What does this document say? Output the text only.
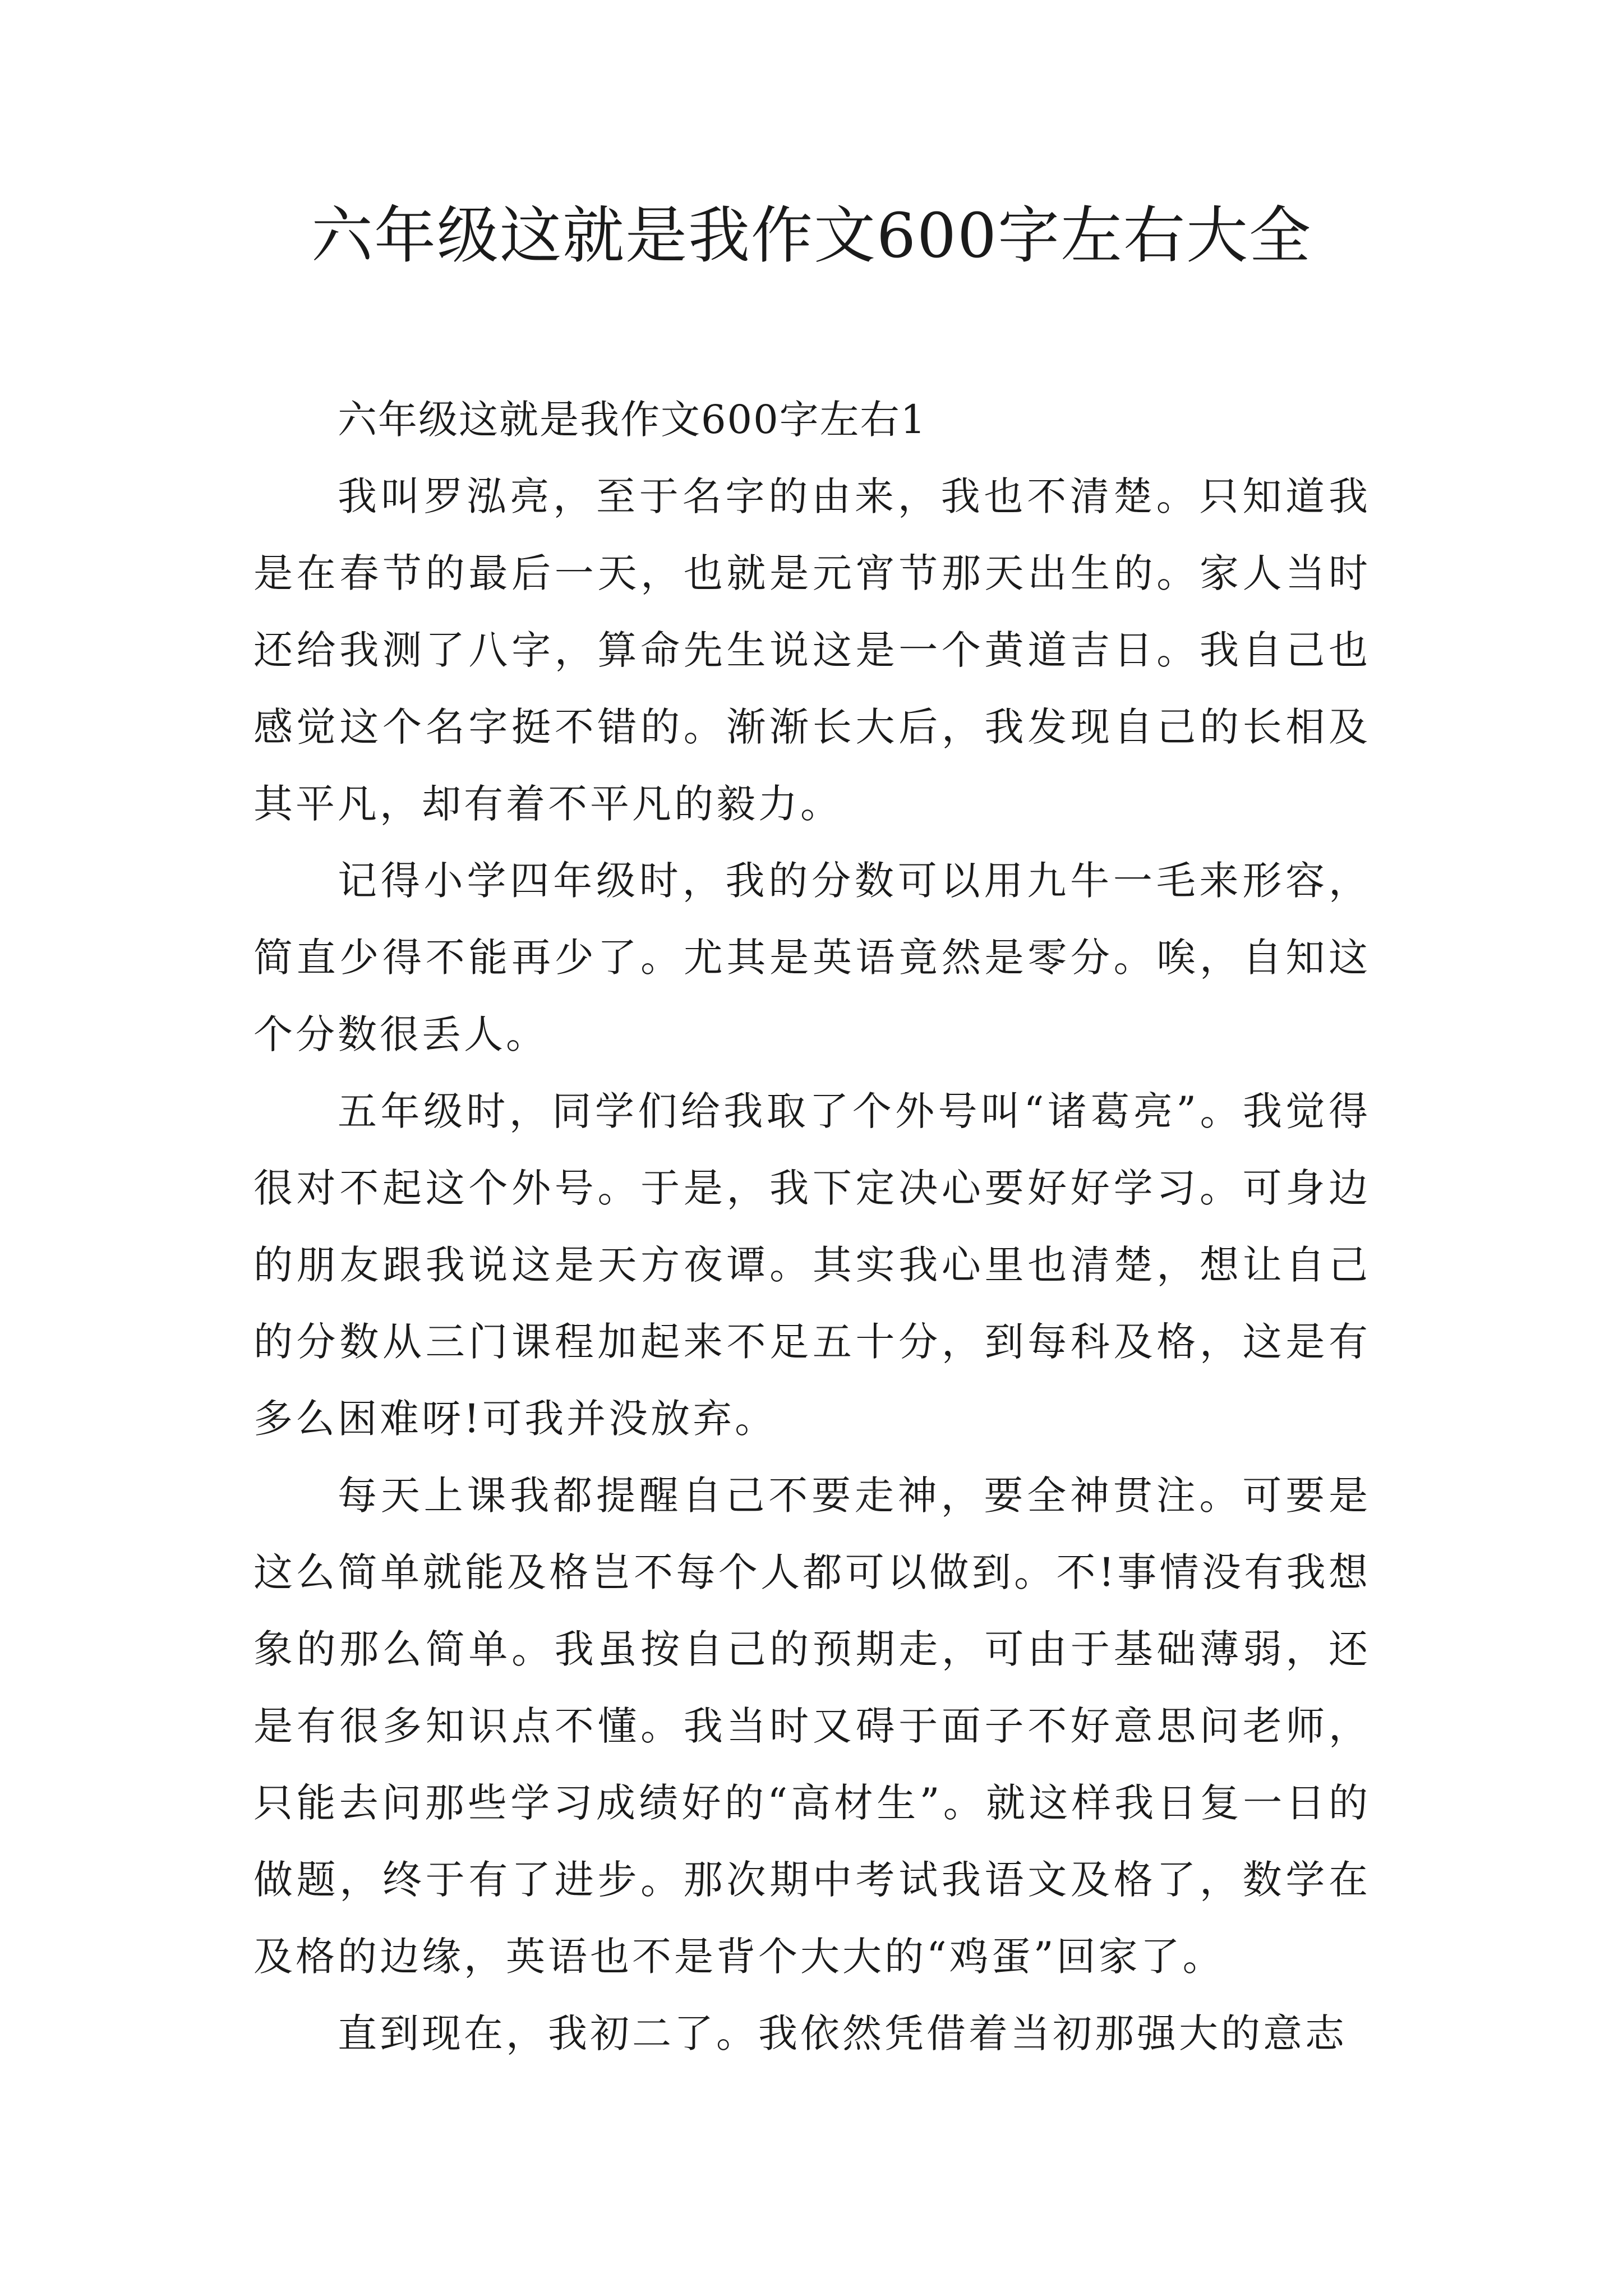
六年级这就是我作文600字左右大全

六年级这就是我作文600字左右1

我叫罗泓亮，至于名字的由来，我也不清楚。只知道我是在春节的最后一天，也就是元宵节那天出生的。家人当时还给我测了八字，算命先生说这是一个黄道吉日。我自己也感觉这个名字挺不错的。渐渐长大后，我发现自己的长相及其平凡，却有着不平凡的毅力。

记得小学四年级时，我的分数可以用九牛一毛来形容，简直少得不能再少了。尤其是英语竟然是零分。唉，自知这个分数很丢人。

五年级时，同学们给我取了个外号叫“诸葛亮”。我觉得很对不起这个外号。于是，我下定决心要好好学习。可身边的朋友跟我说这是天方夜谭。其实我心里也清楚，想让自己的分数从三门课程加起来不足五十分，到每科及格，这是有多么困难呀!可我并没放弃。

每天上课我都提醒自己不要走神，要全神贯注。可要是这么简单就能及格岂不每个人都可以做到。不!事情没有我想象的那么简单。我虽按自己的预期走，可由于基础薄弱，还是有很多知识点不懂。我当时又碍于面子不好意思问老师，只能去问那些学习成绩好的“高材生”。就这样我日复一日的做题，终于有了进步。那次期中考试我语文及格了，数学在及格的边缘，英语也不是背个大大的“鸡蛋”回家了。

直到现在，我初二了。我依然凭借着当初那强大的意志
